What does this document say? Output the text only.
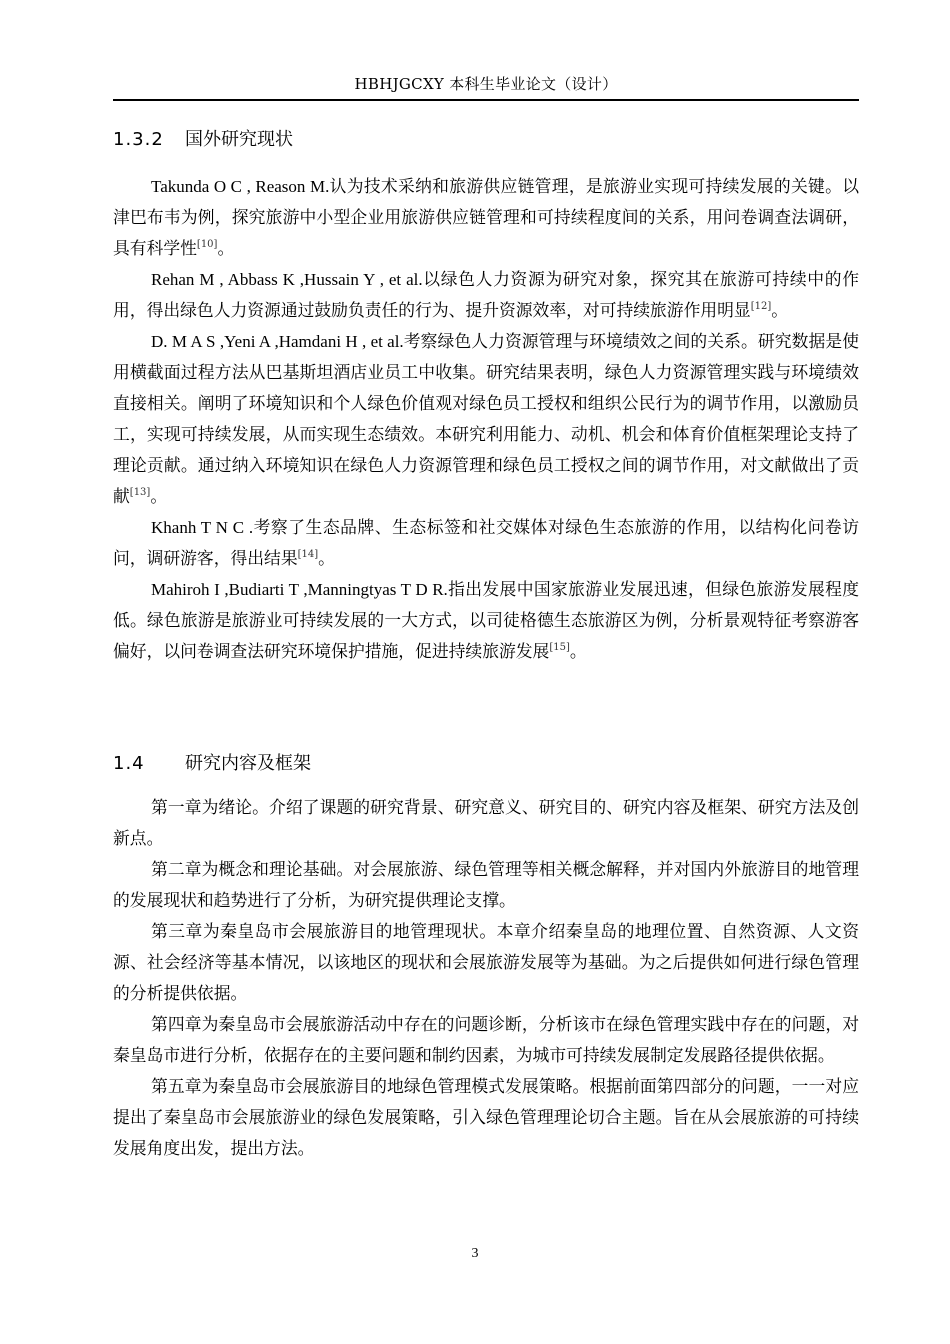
HBHJGCXY 本科生毕业论文（设计）
1.3.2 国外研究现状

Takunda O C , Reason M.认为技术采纳和旅游供应链管理，是旅游业实现可持续发展的关键。以津巴布韦为例，探究旅游中小型企业用旅游供应链管理和可持续程度间的关系，用问卷调查法调研，具有科学性[10]。

Rehan M , Abbass K ,Hussain Y , et al.以绿色人力资源为研究对象，探究其在旅游可持续中的作用，得出绿色人力资源通过鼓励负责任的行为、提升资源效率，对可持续旅游作用明显[12]。

D. M A S ,Yeni A ,Hamdani H , et al.考察绿色人力资源管理与环境绩效之间的关系。研究数据是使用横截面过程方法从巴基斯坦酒店业员工中收集。研究结果表明，绿色人力资源管理实践与环境绩效直接相关。阐明了环境知识和个人绿色价值观对绿色员工授权和组织公民行为的调节作用，以激励员工，实现可持续发展，从而实现生态绩效。本研究利用能力、动机、机会和体育价值框架理论支持了理论贡献。通过纳入环境知识在绿色人力资源管理和绿色员工授权之间的调节作用，对文献做出了贡献[13]。

Khanh T N C .考察了生态品牌、生态标签和社交媒体对绿色生态旅游的作用，以结构化问卷访问，调研游客，得出结果[14]。

Mahiroh I ,Budiarti T ,Manningtyas T D R.指出发展中国家旅游业发展迅速，但绿色旅游发展程度低。绿色旅游是旅游业可持续发展的一大方式，以司徒格德生态旅游区为例，分析景观特征考察游客偏好，以问卷调查法研究环境保护措施，促进持续旅游发展[15]。

1.4 研究内容及框架

第一章为绪论。介绍了课题的研究背景、研究意义、研究目的、研究内容及框架、研究方法及创新点。

第二章为概念和理论基础。对会展旅游、绿色管理等相关概念解释，并对国内外旅游目的地管理的发展现状和趋势进行了分析，为研究提供理论支撑。

第三章为秦皇岛市会展旅游目的地管理现状。本章介绍秦皇岛的地理位置、自然资源、人文资源、社会经济等基本情况，以该地区的现状和会展旅游发展等为基础。为之后提供如何进行绿色管理的分析提供依据。

第四章为秦皇岛市会展旅游活动中存在的问题诊断，分析该市在绿色管理实践中存在的问题，对秦皇岛市进行分析，依据存在的主要问题和制约因素，为城市可持续发展制定发展路径提供依据。

第五章为秦皇岛市会展旅游目的地绿色管理模式发展策略。根据前面第四部分的问题，一一对应提出了秦皇岛市会展旅游业的绿色发展策略，引入绿色管理理论切合主题。旨在从会展旅游的可持续发展角度出发，提出方法。

3
